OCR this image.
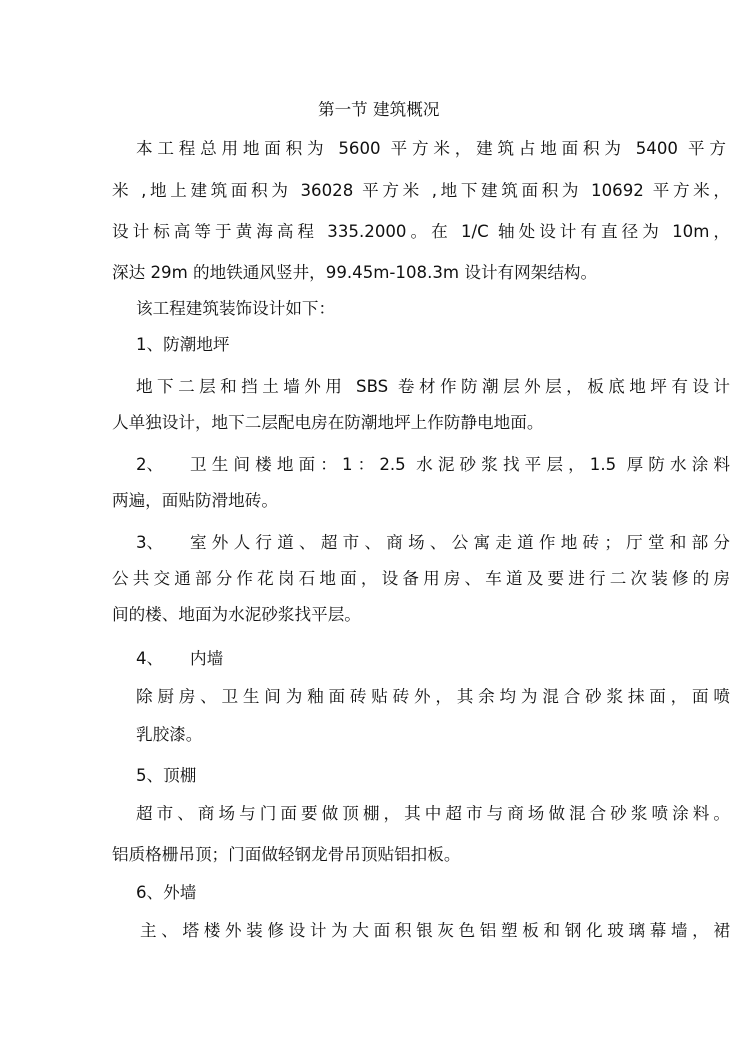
第一节 建筑概况
本工程总用地面积为 5600 平方米，建筑占地面积为 5400 平方
米 ,地上建筑面积为 36028 平方米 ,地下建筑面积为 10692 平方米，
设计标高等于黄海高程 335.2000。在 1/C 轴处设计有直径为 10m，
深达 29m 的地铁通风竖井，99.45m-108.3m 设计有网架结构。
该工程建筑装饰设计如下：
1、防潮地坪
地下二层和挡土墙外用 SBS 卷材作防潮层外层，板底地坪有设计
人单独设计，地下二层配电房在防潮地坪上作防静电地面。
2、 卫生间楼地面：1：2.5 水泥砂浆找平层，1.5 厚防水涂料
两遍，面贴防滑地砖。
3、 室外人行道、超市、商场、公寓走道作地砖；厅堂和部分
公共交通部分作花岗石地面，设备用房、车道及要进行二次装修的房
间的楼、地面为水泥砂浆找平层。
4、 内墙
除厨房、卫生间为釉面砖贴砖外，其余均为混合砂浆抹面，面喷
乳胶漆。
5、顶棚
超市、商场与门面要做顶棚，其中超市与商场做混合砂浆喷涂料。
铝质格栅吊顶；门面做轻钢龙骨吊顶贴铝扣板。
6、外墙
主、塔楼外装修设计为大面积银灰色铝塑板和钢化玻璃幕墙，裙
